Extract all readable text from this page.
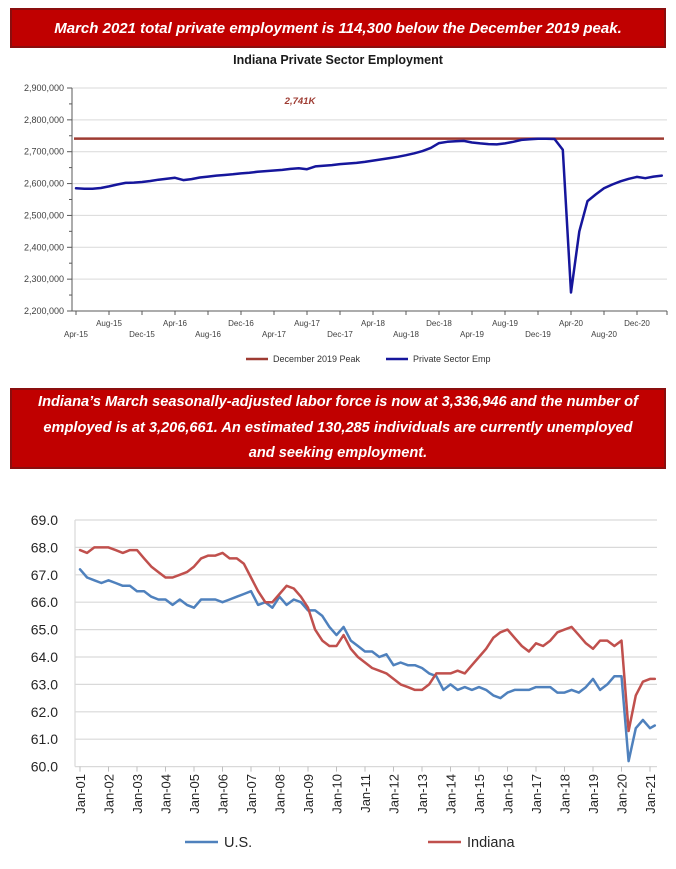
March 2021 total private employment is 114,300 below the December 2019 peak.
Indiana Private Sector Employment
2,900,000
2,800,000
2,700,000
2,600,000
2,500,000
2,400,000
2,300,000
2,200,000
Apr-15
Aug-15
Dec-15
Apr-16
Aug-16
Dec-16
Apr-17
Aug-17
Dec-17
Apr-18
Aug-18
Dec-18
Apr-19
Aug-19
Dec-19
Apr-20
Aug-20
Dec-20
2,741K
December 2019 Peak	Private Sector Emp
Indiana’s March seasonally-adjusted labor force is now at 3,336,946 and the number of employed is at 3,206,661. An estimated 130,285 individuals are currently unemployed and seeking employment.
69.0
68.0
67.0
66.0
65.0
64.0
63.0
62.0
61.0
60.0
Jan-01 Jan-02 Jan-03 Jan-04 Jan-05 Jan-06 Jan-07 Jan-08 Jan-09 Jan-10 Jan-11 Jan-12 Jan-13 Jan-14 Jan-15 Jan-16 Jan-17 Jan-18 Jan-19 Jan-20 Jan-21
U.S.	Indiana
